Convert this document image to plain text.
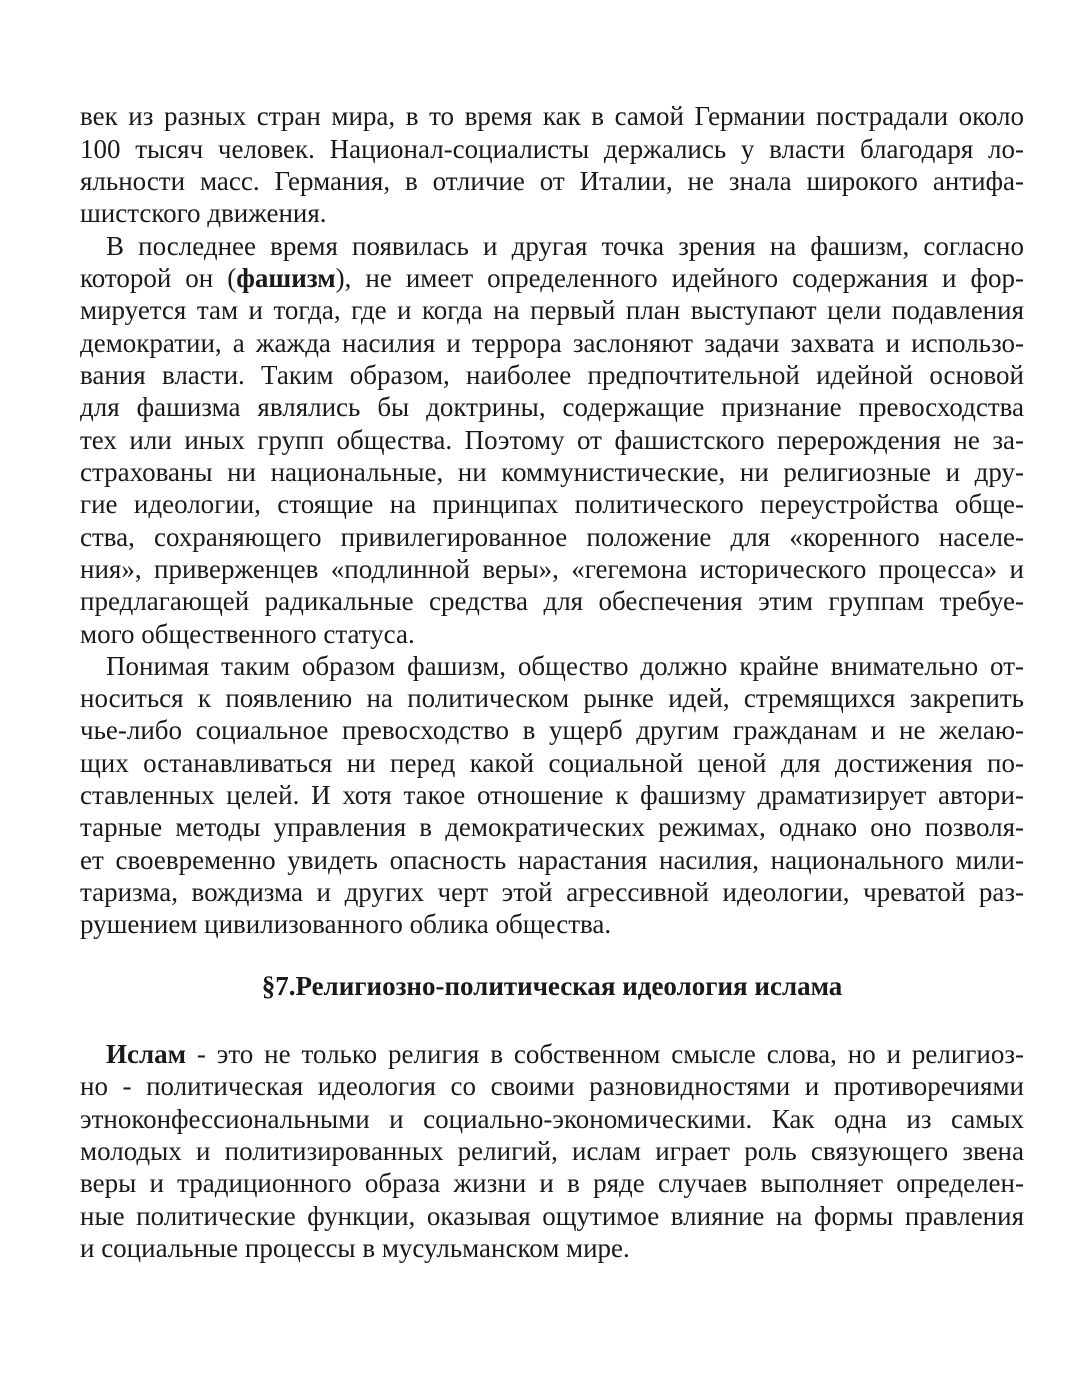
век из разных стран мира, в то время как в самой Германии пострадали около
100 тысяч человек. Национал-социалисты держались у власти благодаря ло-
яльности масс. Германия, в отличие от Италии, не знала широкого антифа-
шистского движения.
В последнее время появилась и другая точка зрения на фашизм, согласно
которой он (фашизм), не имеет определенного идейного содержания и фор-
мируется там и тогда, где и когда на первый план выступают цели подавления
демократии, а жажда насилия и террора заслоняют задачи захвата и использо-
вания власти. Таким образом, наиболее предпочтительной идейной основой
для фашизма являлись бы доктрины, содержащие признание превосходства
тех или иных групп общества. Поэтому от фашистского перерождения не за-
страхованы ни национальные, ни коммунистические, ни религиозные и дру-
гие идеологии, стоящие на принципах политического переустройства обще-
ства, сохраняющего привилегированное положение для «коренного населе-
ния», приверженцев «подлинной веры», «гегемона исторического процесса» и
предлагающей радикальные средства для обеспечения этим группам требуе-
мого общественного статуса.
Понимая таким образом фашизм, общество должно крайне внимательно от-
носиться к появлению на политическом рынке идей, стремящихся закрепить
чье-либо социальное превосходство в ущерб другим гражданам и не желаю-
щих останавливаться ни перед какой социальной ценой для достижения по-
ставленных целей. И хотя такое отношение к фашизму драматизирует автори-
тарные методы управления в демократических режимах, однако оно позволя-
ет своевременно увидеть опасность нарастания насилия, национального мили-
таризма, вождизма и других черт этой агрессивной идеологии, чреватой раз-
рушением цивилизованного облика общества.
§7.Религиозно-политическая идеология ислама
Ислам - это не только религия в собственном смысле слова, но и религиоз-
но - политическая идеология со своими разновидностями и противоречиями
этноконфессиональными и социально-экономическими. Как одна из самых
молодых и политизированных религий, ислам играет роль связующего звена
веры и традиционного образа жизни и в ряде случаев выполняет определен-
ные политические функции, оказывая ощутимое влияние на формы правления
и социальные процессы в мусульманском мире.
